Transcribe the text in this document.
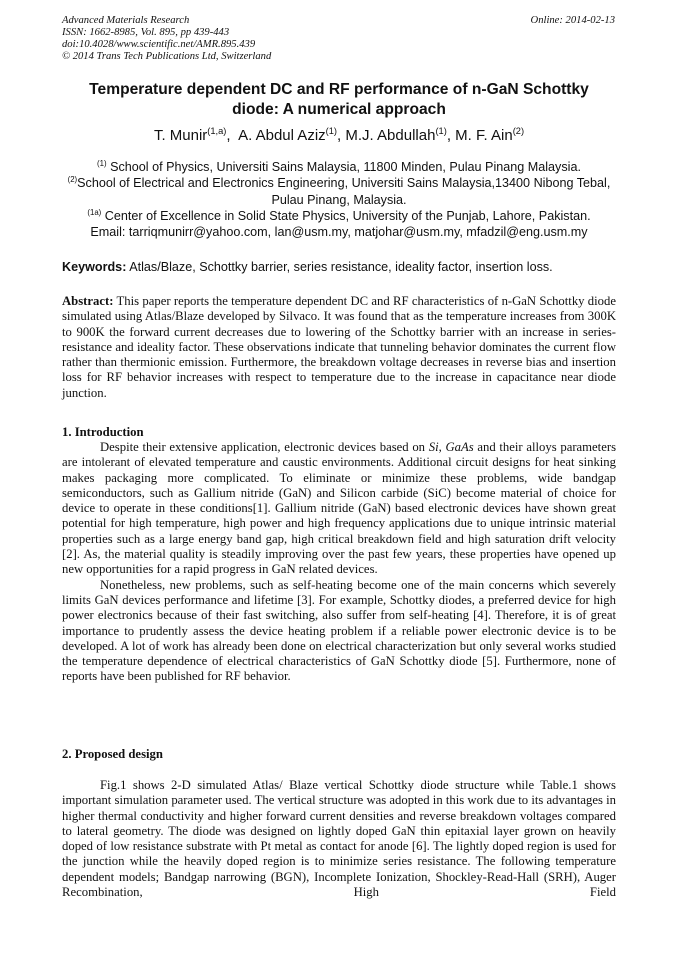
Advanced Materials Research
ISSN: 1662-8985, Vol. 895, pp 439-443
doi:10.4028/www.scientific.net/AMR.895.439
© 2014 Trans Tech Publications Ltd, Switzerland
Online: 2014-02-13
Temperature dependent DC and RF performance of n-GaN Schottky
diode: A numerical approach
T. Munir$^{(1,a)}$,  A. Abdul Aziz$^{(1)}$, M.J. Abdullah$^{(1)}$, M. F. Ain$^{(2)}$
$^{(1)}$ School of Physics, Universiti Sains Malaysia, 11800 Minden, Pulau Pinang Malaysia.
$^{(2)}$School of Electrical and Electronics Engineering, Universiti Sains Malaysia,13400 Nibong Tebal,
Pulau Pinang, Malaysia.
$^{(1a)}$ Center of Excellence in Solid State Physics, University of the Punjab, Lahore, Pakistan.
Email: tarriqmunirr@yahoo.com, lan@usm.my, matjohar@usm.my, mfadzil@eng.usm.my
Keywords: Atlas/Blaze, Schottky barrier, series resistance, ideality factor, insertion loss.

Abstract: This paper reports the temperature dependent DC and RF characteristics of n-GaN Schottky diode simulated using Atlas/Blaze developed by Silvaco. It was found that as the temperature increases from 300K to 900K the forward current decreases due to lowering of the Schottky barrier with an increase in series-resistance and ideality factor. These observations indicate that tunneling behavior dominates the current flow rather than thermionic emission. Furthermore, the breakdown voltage decreases in reverse bias and insertion loss for RF behavior increases with respect to temperature due to the increase in capacitance near diode junction.

1. Introduction

Despite their extensive application, electronic devices based on Si, GaAs and their alloys parameters are intolerant of elevated temperature and caustic environments. Additional circuit designs for heat sinking makes packaging more complicated. To eliminate or minimize these problems, wide bandgap semiconductors, such as Gallium nitride (GaN) and Silicon carbide (SiC) become material of choice for device to operate in these conditions[1]. Gallium nitride (GaN) based electronic devices have shown great potential for high temperature, high power and high frequency applications due to unique intrinsic material properties such as a large energy band gap, high critical breakdown field and high saturation drift velocity [2]. As, the material quality is steadily improving over the past few years, these properties have opened up new opportunities for a rapid progress in GaN related devices.

Nonetheless, new problems, such as self-heating become one of the main concerns which severely limits GaN devices performance and lifetime [3]. For example, Schottky diodes, a preferred device for high power electronics because of their fast switching, also suffer from self-heating [4]. Therefore, it is of great importance to prudently assess the device heating problem if a reliable power electronic device is to be developed. A lot of work has already been done on electrical characterization but only several works studied the temperature dependence of electrical characteristics of GaN Schottky diode [5]. Furthermore, none of reports have been published for RF behavior.

2. Proposed design

Fig.1 shows 2-D simulated Atlas/ Blaze vertical Schottky diode structure while Table.1 shows important simulation parameter used. The vertical structure was adopted in this work due to its advantages in higher thermal conductivity and higher forward current densities and reverse breakdown voltages compared to lateral geometry. The diode was designed on lightly doped GaN thin epitaxial layer grown on heavily doped of low resistance substrate with Pt metal as contact for anode [6]. The lightly doped region is used for the junction while the heavily doped region is to minimize series resistance. The following temperature dependent models; Bandgap narrowing (BGN), Incomplete Ionization, Shockley-Read-Hall (SRH), Auger Recombination, High Field
